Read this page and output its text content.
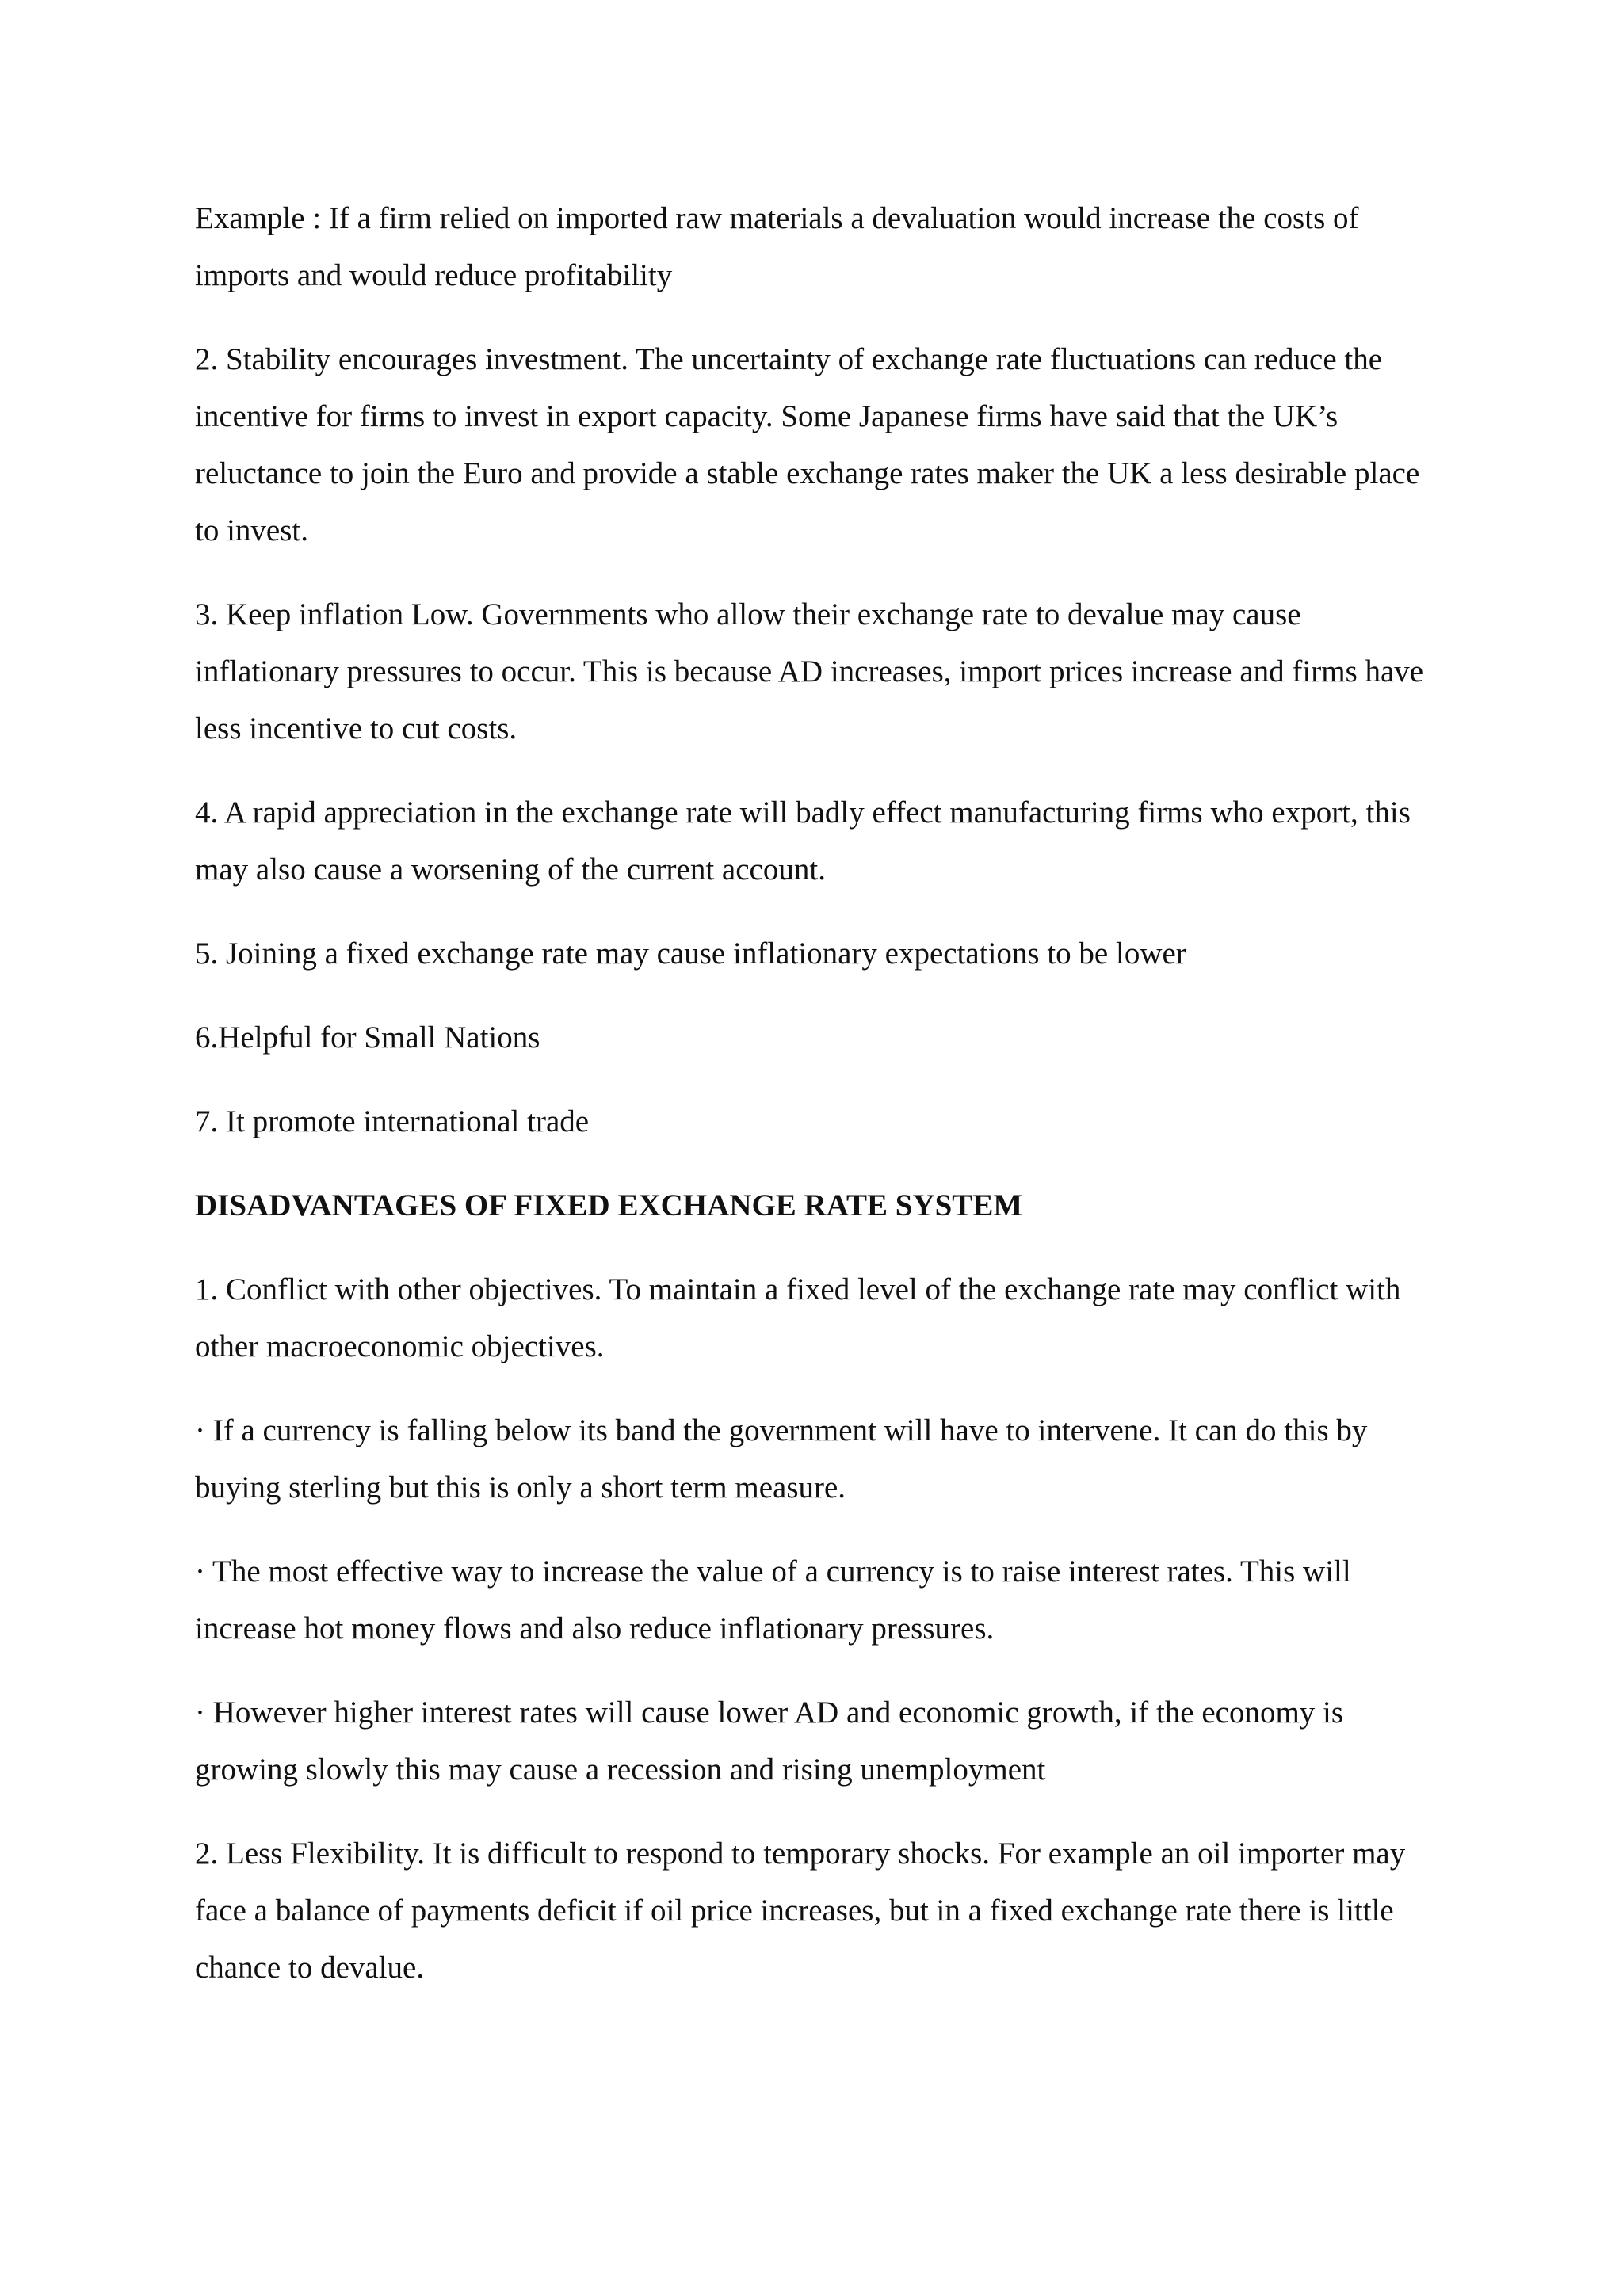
Example : If a firm relied on imported raw materials a devaluation would increase the costs of imports and would reduce profitability

2. Stability encourages investment. The uncertainty of exchange rate fluctuations can reduce the incentive for firms to invest in export capacity. Some Japanese firms have said that the UK’s reluctance to join the Euro and provide a stable exchange rates maker the UK a less desirable place to invest.

3. Keep inflation Low. Governments who allow their exchange rate to devalue may cause inflationary pressures to occur. This is because AD increases, import prices increase and firms have less incentive to cut costs.

4. A rapid appreciation in the exchange rate will badly effect manufacturing firms who export, this may also cause a worsening of the current account.

5. Joining a fixed exchange rate may cause inflationary expectations to be lower

6.Helpful for Small Nations

7. It promote international trade

DISADVANTAGES OF FIXED EXCHANGE RATE SYSTEM

1. Conflict with other objectives. To maintain a fixed level of the exchange rate may conflict with other macroeconomic objectives.

· If a currency is falling below its band the government will have to intervene. It can do this by buying sterling but this is only a short term measure.

· The most effective way to increase the value of a currency is to raise interest rates. This will increase hot money flows and also reduce inflationary pressures.

· However higher interest rates will cause lower AD and economic growth, if the economy is growing slowly this may cause a recession and rising unemployment

2. Less Flexibility. It is difficult to respond to temporary shocks. For example an oil importer may face a balance of payments deficit if oil price increases, but in a fixed exchange rate there is little chance to devalue.
